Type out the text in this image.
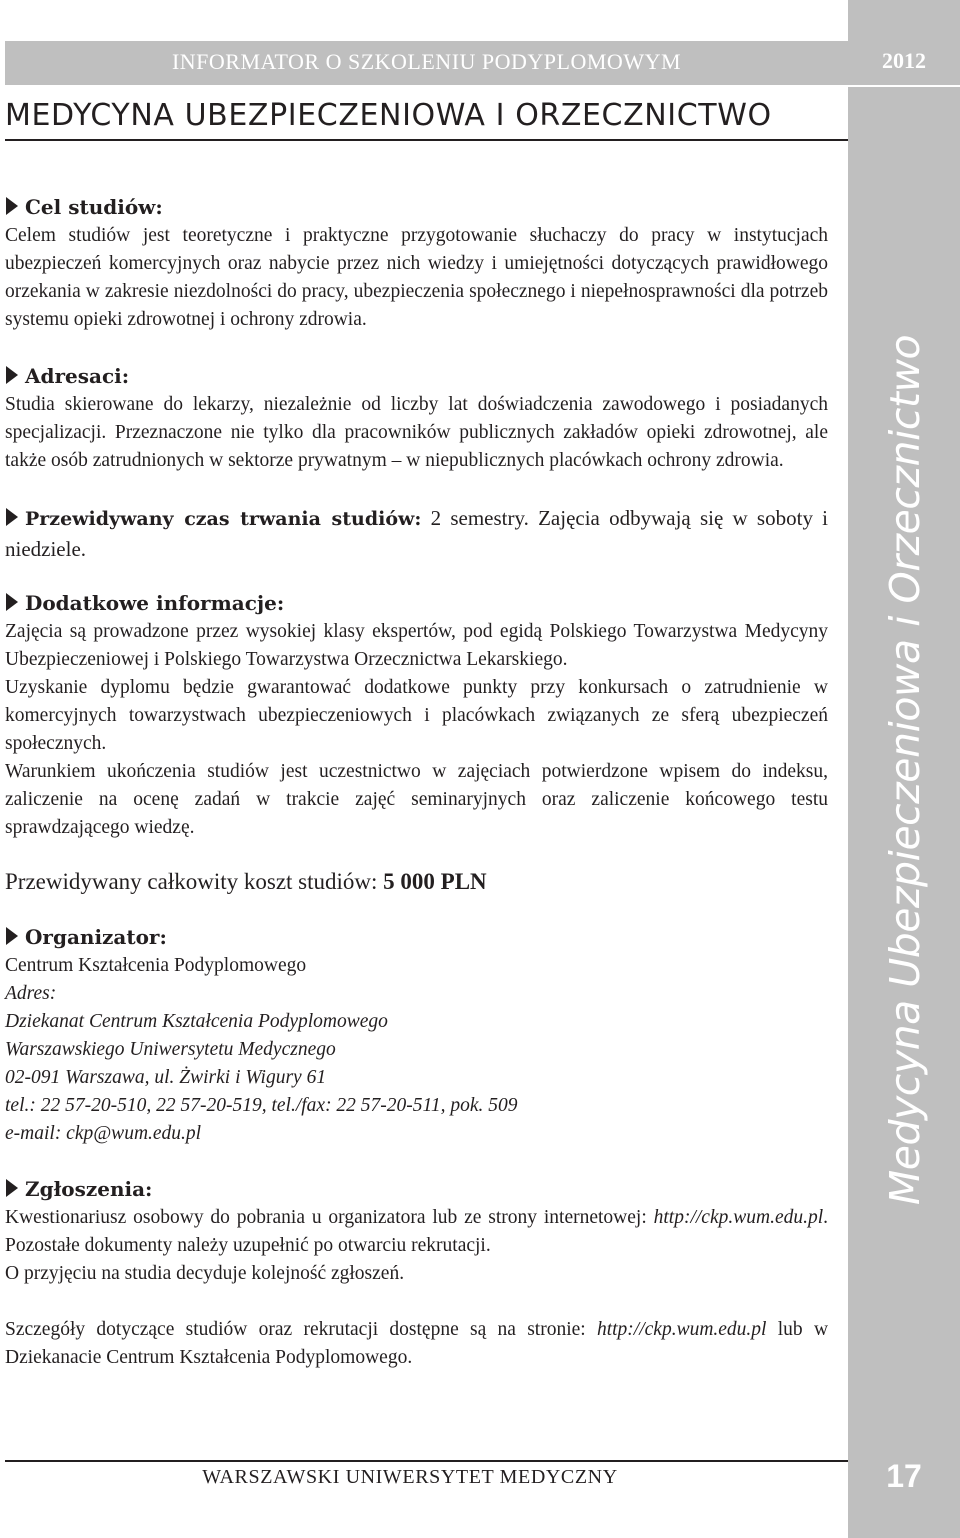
2012
17
Medycyna Ubezpieczeniowa i Orzecznictwo
INFORMATOR O SZKOLENIU PODYPLOMOWYM
MEDYCYNA UBEZPIECZENIOWA I ORZECZNICTWO
Cel studiów:

Celem studiów jest teoretyczne i praktyczne przygotowanie słuchaczy do pracy w instytucjach ubezpieczeń komercyjnych oraz nabycie przez nich wiedzy i umiejętności dotyczących prawidłowego orzekania w zakresie niezdolności do pracy, ubezpieczenia społecznego i niepełnosprawności dla potrzeb systemu opieki zdrowotnej i ochrony zdrowia.

Adresaci:

Studia skierowane do lekarzy, niezależnie od liczby lat doświadczenia zawodowego i posiadanych specjalizacji. Przeznaczone nie tylko dla pracowników publicznych zakładów opieki zdrowotnej, ale także osób zatrudnionych w sektorze prywatnym – w niepublicznych placówkach ochrony zdrowia.

Przewidywany czas trwania studiów: 2 semestry. Zajęcia odbywają się w soboty i niedziele.

Dodatkowe informacje:

Zajęcia są prowadzone przez wysokiej klasy ekspertów, pod egidą Polskiego Towarzystwa Medycyny Ubezpieczeniowej i Polskiego Towarzystwa Orzecznictwa Lekarskiego.

Uzyskanie dyplomu będzie gwarantować dodatkowe punkty przy konkursach o zatrudnienie w komercyjnych towarzystwach ubezpieczeniowych i placówkach związanych ze sferą ubezpieczeń społecznych.

Warunkiem ukończenia studiów jest uczestnictwo w zajęciach potwierdzone wpisem do indeksu, zaliczenie na ocenę zadań w trakcie zajęć seminaryjnych oraz zaliczenie końcowego testu sprawdzającego wiedzę.

Przewidywany całkowity koszt studiów: 5 000 PLN

Organizator:

Centrum Kształcenia Podyplomowego

Adres:

Dziekanat Centrum Kształcenia Podyplomowego

Warszawskiego Uniwersytetu Medycznego

02-091 Warszawa, ul. Żwirki i Wigury 61

tel.: 22 57-20-510, 22 57-20-519, tel./fax: 22 57-20-511, pok. 509

e-mail: ckp@wum.edu.pl

Zgłoszenia:

Kwestionariusz osobowy do pobrania u organizatora lub ze strony internetowej: http://ckp.wum.edu.pl. Pozostałe dokumenty należy uzupełnić po otwarciu rekrutacji.

O przyjęciu na studia decyduje kolejność zgłoszeń.

Szczegóły dotyczące studiów oraz rekrutacji dostępne są na stronie: http://ckp.wum.edu.pl lub w Dziekanacie Centrum Kształcenia Podyplomowego.

WARSZAWSKI UNIWERSYTET MEDYCZNY
